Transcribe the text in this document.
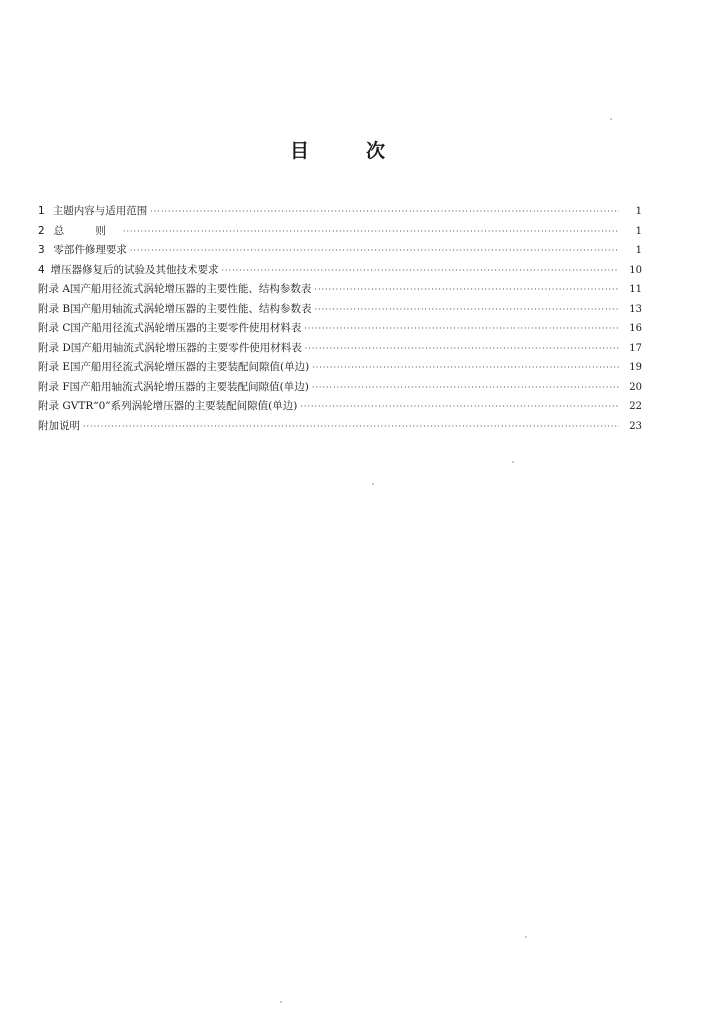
目	次
1 主题内容与适用范围 ·····	1
2 总 则 ·····	1
3 零部件修理要求 ·····	1
4 增压器修复后的试验及其他技术要求 ·····	10
附录 A 国产船用径流式涡轮增压器的主要性能、结构参数表 ·····	11
附录 B 国产船用轴流式涡轮增压器的主要性能、结构参数表 ·····	13
附录 C 国产船用径流式涡轮增压器的主要零件使用材料表 ·····	16
附录 D 国产船用轴流式涡轮增压器的主要零件使用材料表 ·····	17
附录 E 国产船用径流式涡轮增压器的主要装配间隙值(单边) ·····	19
附录 F 国产船用轴流式涡轮增压器的主要装配间隙值(单边) ·····	20
附录 G VTR“0”系列涡轮增压器的主要装配间隙值(单边) ·····	22
附加说明 ·····	23
